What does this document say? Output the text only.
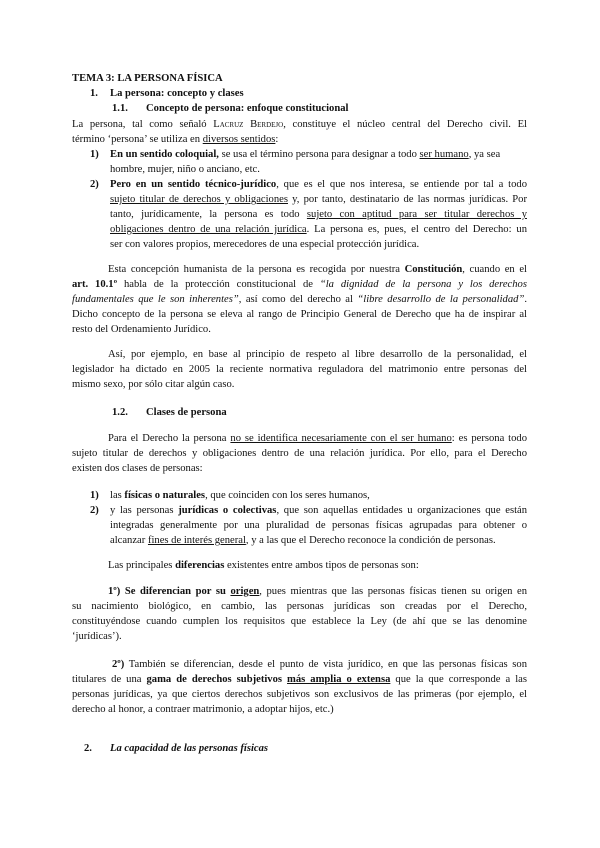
TEMA 3: LA PERSONA FÍSICA
1.	La persona: concepto y clases
1.1.	Concepto de persona: enfoque constitucional
La persona, tal como señaló Lacruz Berdejo, constituye el núcleo central del Derecho civil. El
término ‘persona’ se utiliza en diversos sentidos:
1) En un sentido coloquial, se usa el término persona para designar a todo ser humano, ya sea
hombre, mujer, niño o anciano, etc.
2) Pero en un sentido técnico-jurídico, que es el que nos interesa, se entiende por tal a todo
sujeto titular de derechos y obligaciones y, por tanto, destinatario de las normas jurídicas. Por
tanto, jurídicamente, la persona es todo sujeto con aptitud para ser titular derechos y
obligaciones dentro de una relación jurídica. La persona es, pues, el centro del Derecho: un
ser con valores propios, merecedores de una especial protección jurídica.
Esta concepción humanista de la persona es recogida por nuestra Constitución, cuando en el
art. 10.1º habla de la protección constitucional de “la dignidad de la persona y los derechos
fundamentales que le son inherentes”, así como del derecho al “libre desarrollo de la personalidad”.
Dicho concepto de la persona se eleva al rango de Principio General de Derecho que ha de inspirar al
resto del Ordenamiento Jurídico.
Así, por ejemplo, en base al principio de respeto al libre desarrollo de la personalidad, el
legislador ha dictado en 2005 la reciente normativa reguladora del matrimonio entre personas del
mismo sexo, por sólo citar algún caso.
1.2.	Clases de persona
Para el Derecho la persona no se identifica necesariamente con el ser humano: es persona todo
sujeto titular de derechos y obligaciones dentro de una relación jurídica. Por ello, para el Derecho
existen dos clases de personas:
1) las físicas o naturales, que coinciden con los seres humanos,
2) y las personas jurídicas o colectivas, que son aquellas entidades u organizaciones que están
integradas generalmente por una pluralidad de personas físicas agrupadas para obtener o
alcanzar fines de interés general, y a las que el Derecho reconoce la condición de personas.
Las principales diferencias existentes entre ambos tipos de personas son:
1º) Se diferencian por su origen, pues mientras que las personas físicas tienen su origen en
su nacimiento biológico, en cambio, las personas jurídicas son creadas por el Derecho,
constituyéndose cuando cumplen los requisitos que establece la Ley (de ahí que se las denomine
‘jurídicas’).
2º) También se diferencian, desde el punto de vista jurídico, en que las personas físicas son
titulares de una gama de derechos subjetivos más amplia o extensa que la que corresponde a las
personas jurídicas, ya que ciertos derechos subjetivos son exclusivos de las primeras (por ejemplo, el
derecho al honor, a contraer matrimonio, a adoptar hijos, etc.)
2.	La capacidad de las personas físicas
